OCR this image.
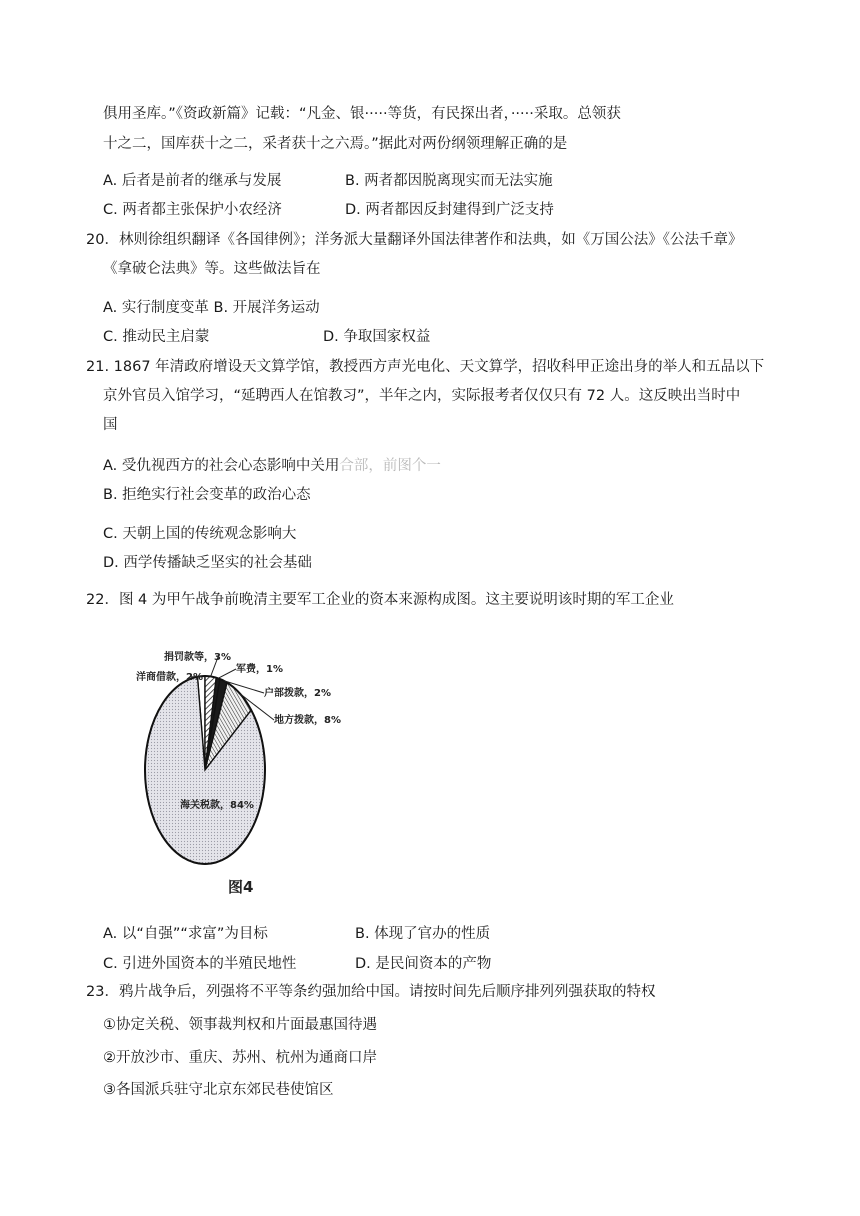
俱用圣库。”《资政新篇》记载：“凡金、银·····等货，有民探出者，·····采取。总领获
十之二，国库获十之二，采者获十之六焉。”据此对两份纲领理解正确的是
A. 后者是前者的继承与发展	B. 两者都因脱离现实而无法实施
C. 两者都主张保护小农经济	D. 两者都因反封建得到广泛支持
20．林则徐组织翻译《各国律例》；洋务派大量翻译外国法律著作和法典，如《万国公法》《公法千章》
《拿破仑法典》等。这些做法旨在
A. 实行制度变革 B. 开展洋务运动
C. 推动民主启蒙	D. 争取国家权益
21. 1867 年清政府增设天文算学馆，教授西方声光电化、天文算学，招收科甲正途出身的举人和五品以下
京外官员入馆学习，“延聘西人在馆教习”，半年之内，实际报考者仅仅只有 72 人。这反映出当时中
国
A. 受仇视西方的社会心态影响中关用合部，前图个一
B. 拒绝实行社会变革的政治心态
C. 天朝上国的传统观念影响大
D. 西学传播缺乏坚实的社会基础
22．图 4 为甲午战争前晚清主要军工企业的资本来源构成图。这主要说明该时期的军工企业
洋商借款，2%
捐罚款等，3%
军费，1%
户部拨款，2%
地方拨款，8%
海关税款，84%
图4
A. 以“自强”“求富”为目标	B. 体现了官办的性质
C. 引进外国资本的半殖民地性	D. 是民间资本的产物
23．鸦片战争后，列强将不平等条约强加给中国。请按时间先后顺序排列列强获取的特权
①协定关税、领事裁判权和片面最惠国待遇
②开放沙市、重庆、苏州、杭州为通商口岸
③各国派兵驻守北京东郊民巷使馆区
